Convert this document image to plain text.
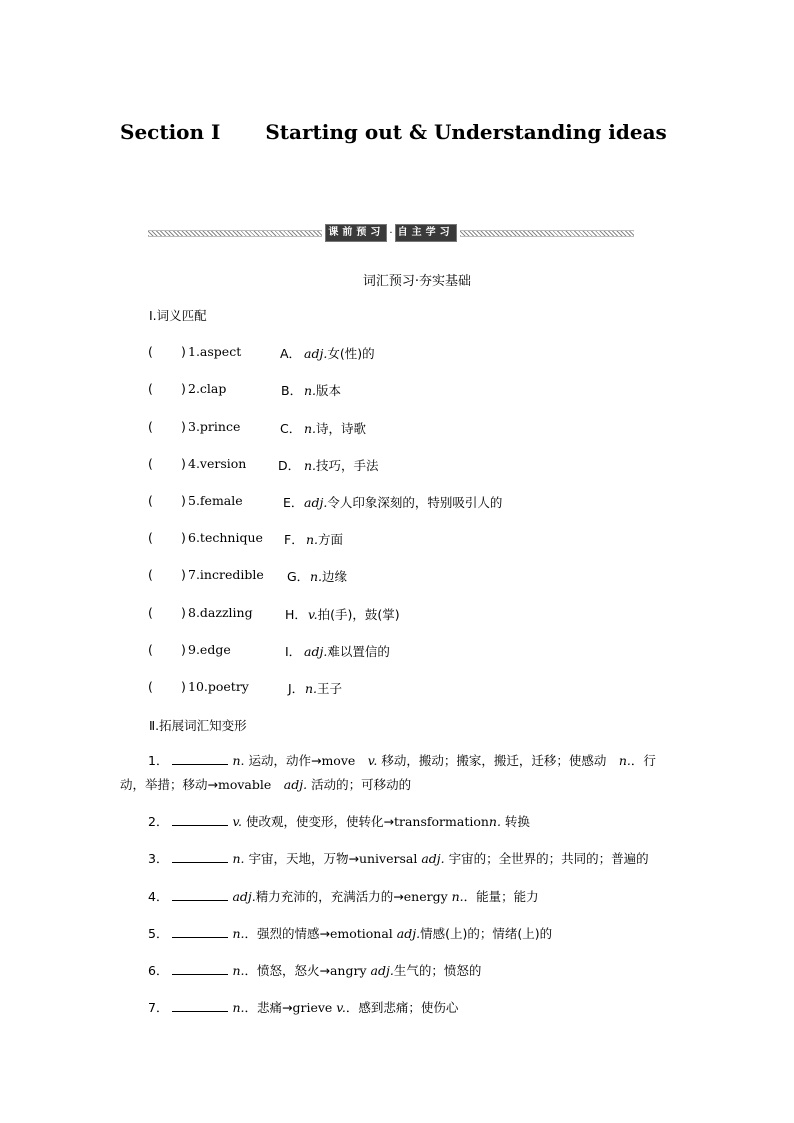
Section Ⅰ Starting out & Understanding ideas
课前预习 · 自主学习
词汇预习·夯实基础
Ⅰ.词义匹配
( ) 1.aspect	A． adj.女(性)的
( ) 2.clap	B． n.版本
( ) 3.prince	C． n.诗，诗歌
( ) 4.version	D． n.技巧，手法
( ) 5.female	E． adj.令人印象深刻的，特别吸引人的
( ) 6.technique F． n.方面
( ) 7.incredible G． n.边缘
( ) 8.dazzling	H． v.拍(手)，鼓(掌)
( ) 9.edge	I． adj.难以置信的
( ) 10.poetry	J． n.王子
Ⅱ.拓展词汇知变形
1．	n. 运动，动作→move　 v. 移动，搬动；搬家，搬迁，迁移；使感动　n.．行
动，举措；移动→movable　 adj. 活动的；可移动的
2．	v. 使改观，使变形，使转化→transformationn. 转换
3．	n. 宇宙，天地，万物→universal adj. 宇宙的；全世界的；共同的；普遍的
4．	adj.精力充沛的，充满活力的→energy n.．能量；能力
5．	n.．强烈的情感→emotional adj.情感(上)的；情绪(上)的
6．	n.．愤怒，怒火→angry adj.生气的；愤怒的
7．	n.．悲痛→grieve v.．感到悲痛；使伤心
